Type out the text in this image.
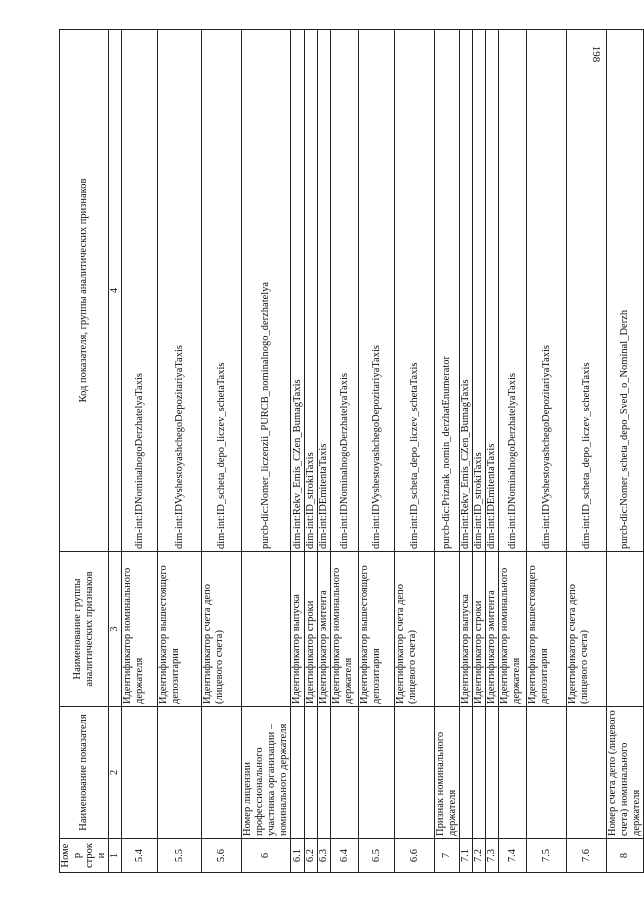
198
Номер строки	Наименование показателя	Наименование группы аналитических признаков	Код показателя, группы аналитических признаков
1	2	3	4
5.4		Идентификатор номинального держателя	dim-int:IDNominalnogoDerzhatelyaTaxis
5.5		Идентификатор вышестоящего депозитария	dim-int:IDVyshestoyashchegoDepozitariyaTaxis
5.6		Идентификатор счета депо (лицевого счета)	dim-int:ID_scheta_depo_liczev_schetaTaxis
6	Номер лицензии профессионального участника организации – номинального держателя		purcb-dic:Nomer_liczenzii_PURCB_nominalnogo_derzhatelya
6.1		Идентификатор выпуска	dim-int:Rekv_Emis_CZen_BumagTaxis
6.2		Идентификатор строки	dim-int:ID_strokiTaxis
6.3		Идентификатор эмитента	dim-int:IDEmitentaTaxis
6.4		Идентификатор номинального держателя	dim-int:IDNominalnogoDerzhatelyaTaxis
6.5		Идентификатор вышестоящего депозитария	dim-int:IDVyshestoyashchegoDepozitariyaTaxis
6.6		Идентификатор счета депо (лицевого счета)	dim-int:ID_scheta_depo_liczev_schetaTaxis
7	Признак номинального держателя		purcb-dic:Priznak_nomin_derzhatEnumerator
7.1		Идентификатор выпуска	dim-int:Rekv_Emis_CZen_BumagTaxis
7.2		Идентификатор строки	dim-int:ID_strokiTaxis
7.3		Идентификатор эмитента	dim-int:IDEmitentaTaxis
7.4		Идентификатор номинального держателя	dim-int:IDNominalnogoDerzhatelyaTaxis
7.5		Идентификатор вышестоящего депозитария	dim-int:IDVyshestoyashchegoDepozitariyaTaxis
7.6		Идентификатор счета депо (лицевого счета)	dim-int:ID_scheta_depo_liczev_schetaTaxis
8	Номер счета депо (лицевого счета) номинального держателя		purcb-dic:Nomer_scheta_depo_Sved_o_Nominal_Derzh
